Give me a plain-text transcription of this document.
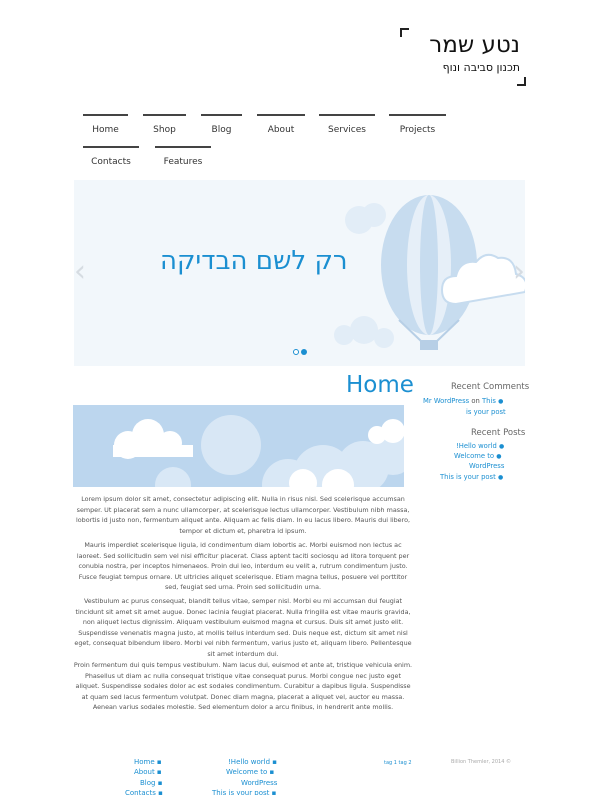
נטע שמר
תכנון סביבה ונוף
Home	Shop	Blog	About	Services	Projects
Contacts	Features
רק לשם הבדיקה
‹	›
Home
Lorem ipsum dolor sit amet, consectetur adipiscing elit. Nulla in risus nisl. Sed scelerisque accumsan semper. Ut placerat sem a nunc ullamcorper, at scelerisque lectus ullamcorper. Vestibulum nibh massa, lobortis id justo non, fermentum aliquet ante. Aliquam ac felis diam. In eu lacus libero. Mauris dui libero, tempor et dictum et, pharetra id ipsum.
Mauris imperdiet scelerisque ligula, id condimentum diam lobortis ac. Morbi euismod non lectus ac laoreet. Sed sollicitudin sem vel nisi efficitur placerat. Class aptent taciti sociosqu ad litora torquent per conubia nostra, per inceptos himenaeos. Proin dui leo, interdum eu velit a, rutrum condimentum justo. Fusce feugiat tempus ornare. Ut ultricies aliquet scelerisque. Etiam magna tellus, posuere vel porttitor sed, feugiat sed urna. Proin sed sollicitudin urna.
Vestibulum ac purus consequat, blandit tellus vitae, semper nisl. Morbi eu mi accumsan dui feugiat tincidunt sit amet sit amet augue. Donec lacinia feugiat placerat. Nulla fringilla est vitae mauris gravida, non aliquet lectus dignissim. Aliquam vestibulum euismod magna et cursus. Duis sit amet justo elit. Suspendisse venenatis magna justo, at mollis tellus interdum sed. Duis neque est, dictum sit amet nisl eget, consequat bibendum libero. Morbi vel nibh fermentum, varius justo et, aliquam libero. Pellentesque sit amet interdum dui.
Proin fermentum dui quis tempus vestibulum. Nam lacus dui, euismod et ante at, tristique vehicula enim. Phasellus ut diam ac nulla consequat tristique vitae consequat purus. Morbi congue nec justo eget aliquet. Suspendisse sodales dolor ac est sodales condimentum. Curabitur a dapibus ligula. Suspendisse at quam sed lacus fermentum volutpat. Donec diam magna, placerat a aliquet vel, auctor eu massa. Aenean varius sodales molestie. Sed elementum dolor a arcu finibus, in hendrerit ante mollis.
Recent Comments
Mr WordPress on This ●
is your post
Recent Posts
!Hello world ●
Welcome to ●
WordPress
This is your post ●
Home ▪
About ▪
Blog ▪
Contacts ▪
!Hello world ▪
Welcome to ▪
WordPress
This is your post ▪
tag 1 tag 2	Billion Themler, 2014 ©
